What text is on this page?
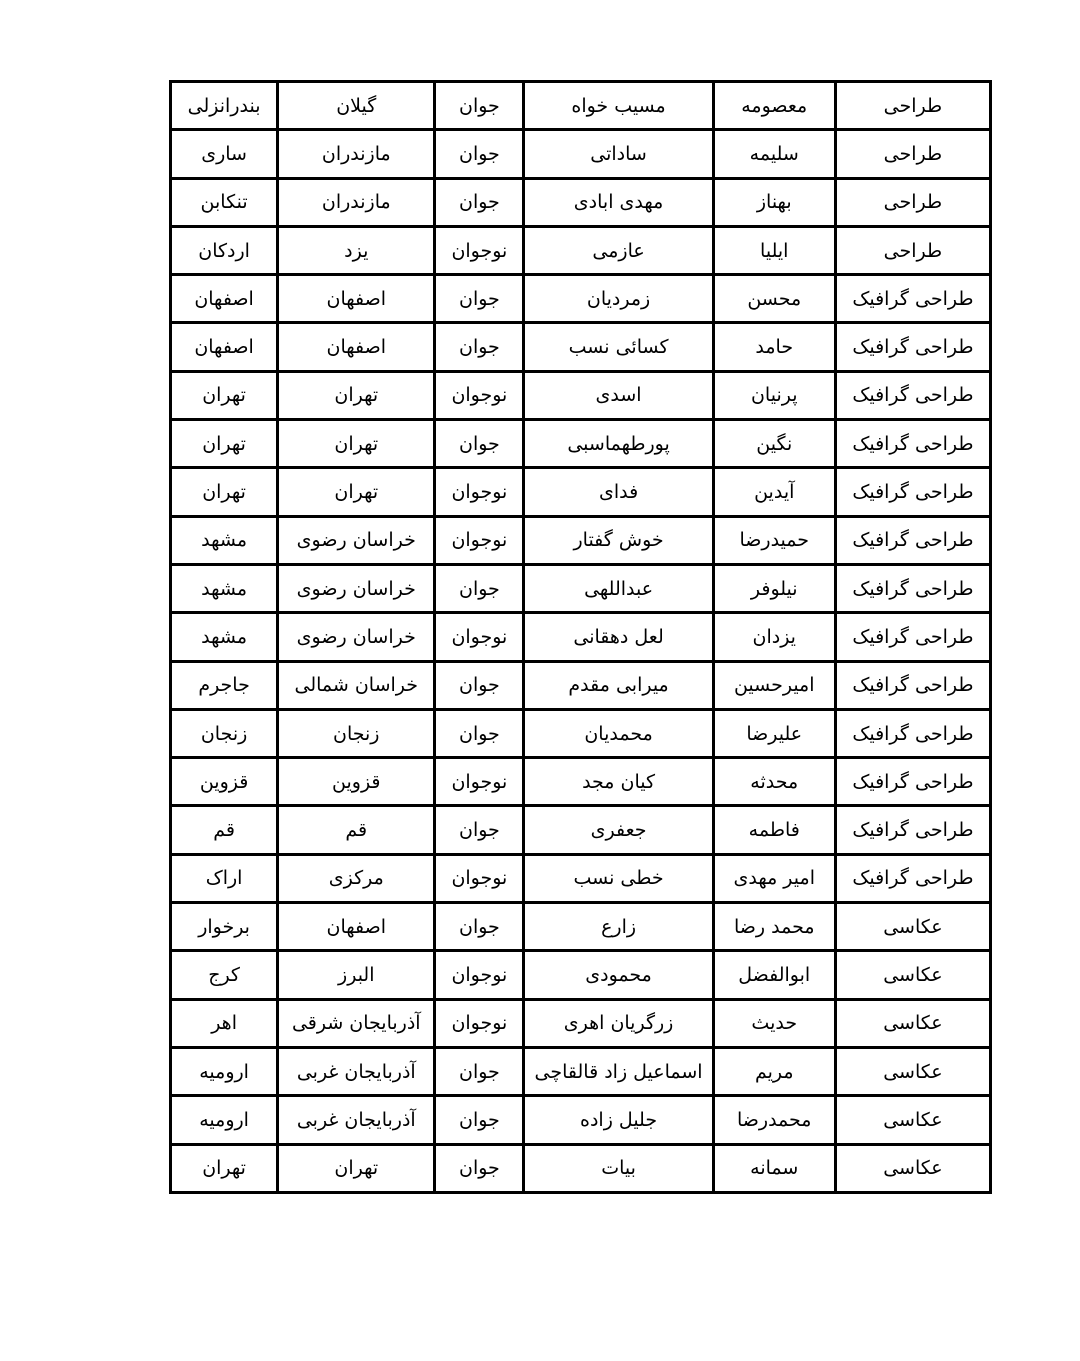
طراحی	معصومه	مسیب خواه	جوان	گیلان	بندرانزلی
طراحی	سلیمه	ساداتی	جوان	مازندران	ساری
طراحی	بهناز	مهدی ابادی	جوان	مازندران	تنکابن
طراحی	ایلیا	عازمی	نوجوان	یزد	اردکان
طراحی گرافیک	محسن	زمردیان	جوان	اصفهان	اصفهان
طراحی گرافیک	حامد	کسائی نسب	جوان	اصفهان	اصفهان
طراحی گرافیک	پرنیان	اسدی	نوجوان	تهران	تهران
طراحی گرافیک	نگین	پورطهماسبی	جوان	تهران	تهران
طراحی گرافیک	آیدین	فدای	نوجوان	تهران	تهران
طراحی گرافیک	حمیدرضا	خوش گفتار	نوجوان	خراسان رضوی	مشهد
طراحی گرافیک	نیلوفر	عبداللهی	جوان	خراسان رضوی	مشهد
طراحی گرافیک	یزدان	لعل دهقانی	نوجوان	خراسان رضوی	مشهد
طراحی گرافیک	امیرحسین	میرابی مقدم	جوان	خراسان شمالی	جاجرم
طراحی گرافیک	علیرضا	محمدیان	جوان	زنجان	زنجان
طراحی گرافیک	محدثه	کیان مجد	نوجوان	قزوین	قزوین
طراحی گرافیک	فاطمه	جعفری	جوان	قم	قم
طراحی گرافیک	امیر مهدی	خطی نسب	نوجوان	مرکزی	اراک
عکاسی	محمد رضا	زارع	جوان	اصفهان	برخوار
عکاسی	ابوالفضل	محمودی	نوجوان	البرز	کرج
عکاسی	حدیث	زرگریان اهری	نوجوان	آذربایجان شرقی	اهر
عکاسی	مریم	اسماعیل زاد قالقاچی	جوان	آذربایجان غربی	ارومیه
عکاسی	محمدرضا	جلیل زاده	جوان	آذربایجان غربی	ارومیه
عکاسی	سمانه	بیات	جوان	تهران	تهران
